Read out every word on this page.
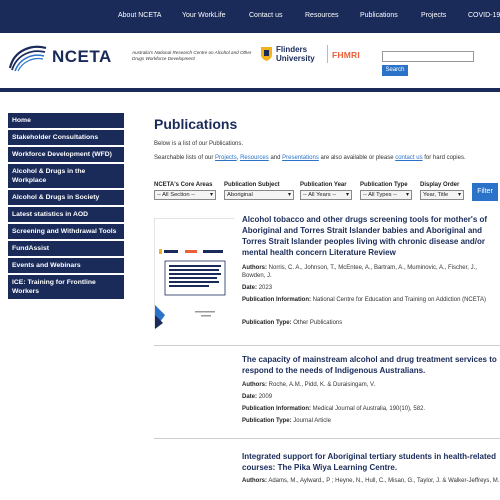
About NCETA	Your WorkLife	Contact us	Resources	Publications	Projects	COVID-19
NCETA	Australia's National Research Centre on Alcohol and Other Drugs Workforce Development
Flinders
University FHMRI
Search
Home
Stakeholder Consultations
Workforce Development (WFD)
Alcohol & Drugs in the Workplace
Alcohol & Drugs in Society
Latest statistics in AOD
Screening and Withdrawal Tools
FundAssist
Events and Webinars
ICE: Training for Frontline Workers
Publications

Below is a list of our Publications.

Searchable lists of our Projects, Resources and Presentations are also available or please contact us for hard copies.

NCETA's Core Areas
-- All Section -- ▾
Publication Subject
Aboriginal ▾
Publication Year
-- All Years -- ▾
Publication Type
-- All Types -- ▾
Display Order
Year, Title ▾	Filter
Alcohol tobacco and other drugs screening tools for mother's of Aboriginal and Torres Strait Islander babies and Aboriginal and Torres Strait Islander peoples living with chronic disease and/or mental health concern Literature Review
Authors: Norris, C. A., Johnson, T., McEntee, A., Bartram, A., Muminovic, A., Fischer, J., Bowden, J.
Date: 2023
Publication Information: National Centre for Education and Training on Addiction (NCETA)
Publication Type: Other Publications
The capacity of mainstream alcohol and drug treatment services to respond to the needs of Indigenous Australians.
Authors: Roche, A.M., Pidd, K. & Duraisingam, V.
Date: 2009
Publication Information: Medical Journal of Australia, 190(10), 582.
Publication Type: Journal Article
Integrated support for Aboriginal tertiary students in health-related courses: The Pika Wiya Learning Centre.
Authors: Adams, M., Aylward., P ; Heyne, N., Hull, C., Misan, G., Taylor, J. & Walker-Jeffreys, M.
